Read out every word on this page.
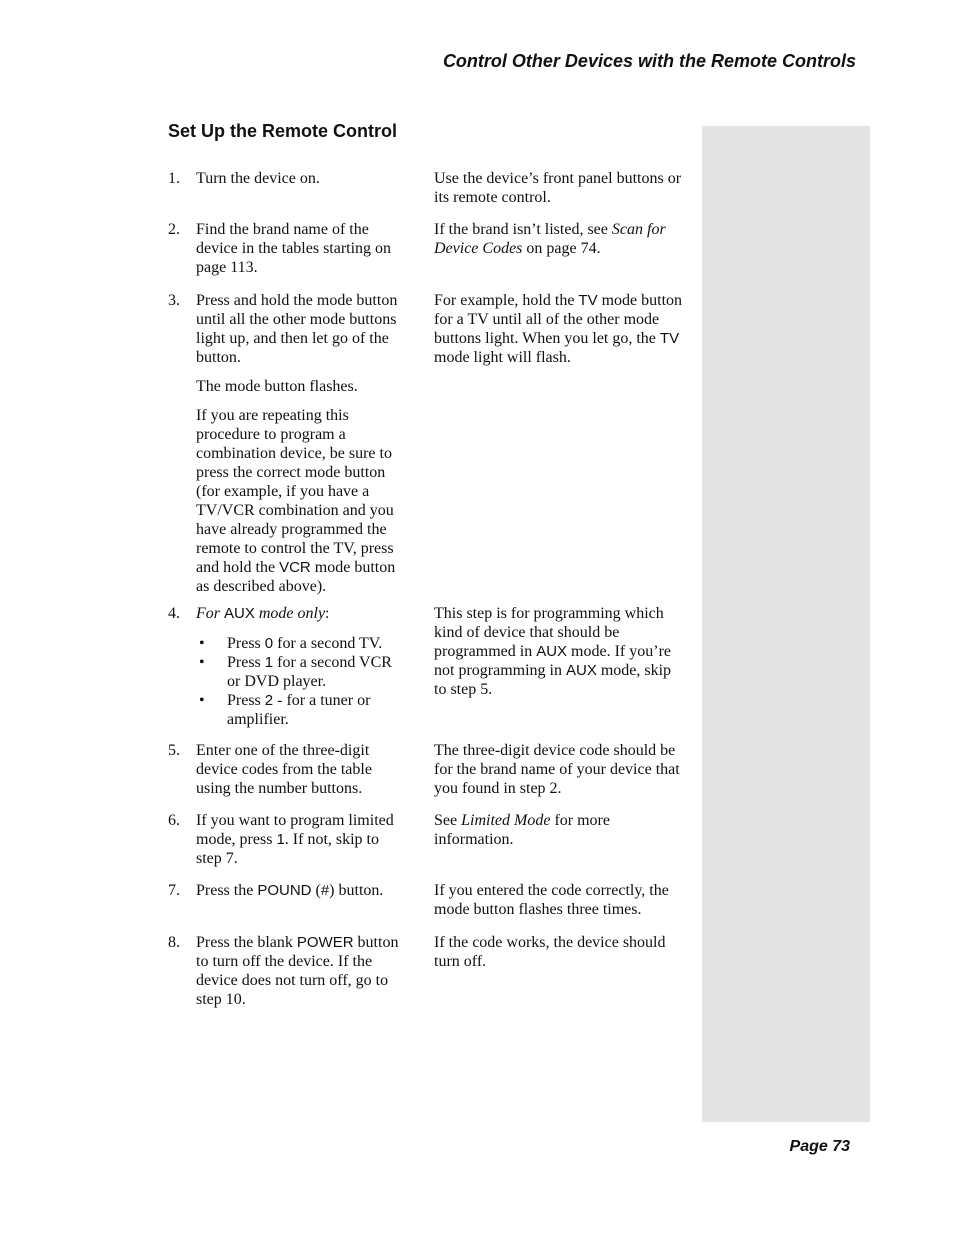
Control Other Devices with the Remote Controls
Set Up the Remote Control
1. Turn the device on.	Use the device’s front panel buttons or its remote control.

2. Find the brand name of the device in the tables starting on page 113.

If the brand isn’t listed, see Scan for Device Codes on page 74.

3. Press and hold the mode button until all the other mode buttons light up, and then let go of the button.

The mode button flashes.

If you are repeating this procedure to program a combination device, be sure to press the correct mode button (for example, if you have a TV/VCR combination and you have already programmed the remote to control the TV, press and hold the VCR mode button as described above).

For example, hold the TV mode button for a TV until all of the other mode buttons light. When you let go, the TV mode light will flash.

4. For AUX mode only:

• Press 0 for a second TV.
• Press 1 for a second VCR or DVD player.
• Press 2 - for a tuner or amplifier.

This step is for programming which kind of device that should be programmed in AUX mode. If you’re not programming in AUX mode, skip to step 5.

5. Enter one of the three-digit device codes from the table using the number buttons.

The three-digit device code should be for the brand name of your device that you found in step 2.

6. If you want to program limited mode, press 1. If not, skip to step 7.

See Limited Mode for more information.

7. Press the POUND (#) button.	If you entered the code correctly, the mode button flashes three times.

8. Press the blank POWER button to turn off the device. If the device does not turn off, go to step 10.

If the code works, the device should turn off.

Page 73
